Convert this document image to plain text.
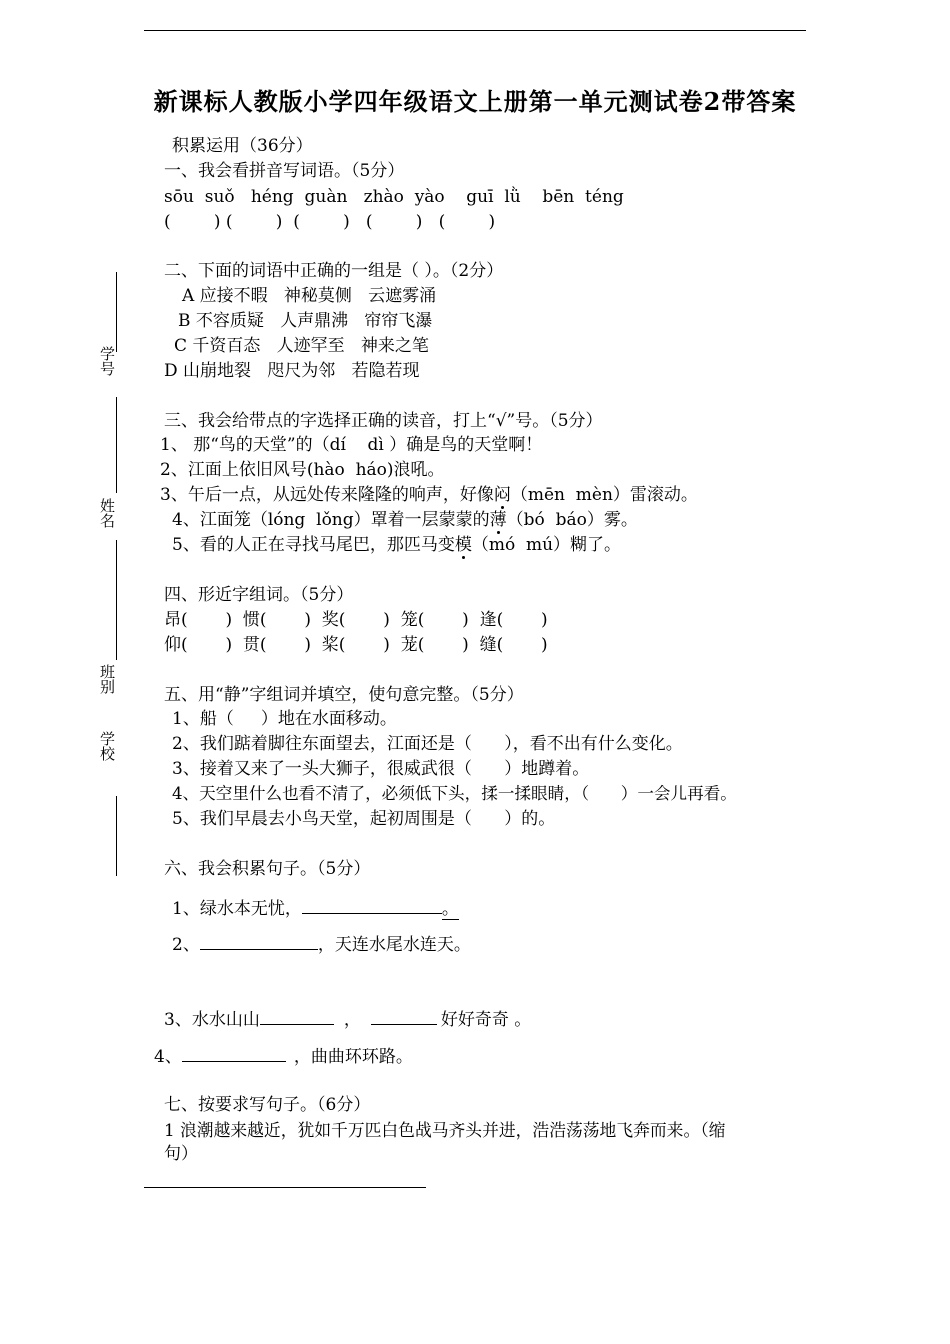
新课标人教版小学四年级语文上册第一单元测试卷2带答案
学号
姓名
班别
学校
积累运用（36分）
一、我会看拼音写词语。（5分）
sōu  suǒ   héng  guàn   zhào  yào    guī  lǜ    bēn  téng
(        ) (        )  (        )   (        )   (        )
二、下面的词语中正确的一组是（ ）。（2分）
A 应接不暇   神秘莫侧   云遮雾涌
B 不容质疑   人声鼎沸   帘帘飞瀑
C 千资百态   人迹罕至   神来之笔
D 山崩地裂   咫尺为邻   若隐若现
三、我会给带点的字选择正确的读音，打上“√”号。（5分）
1、 那“鸟的天堂”的（dí    dì ）确是鸟的天堂啊！
2、江面上依旧风号(hào  háo)浪吼。
3、午后一点，从远处传来隆隆的响声，好像闷（mēn  mèn）雷滚动。
4、江面笼（lóng  lǒng）罩着一层蒙蒙的薄（bó  báo）雾。
5、看的人正在寻找马尾巴，那匹马变模（mó  mú）糊了。
四、形近字组词。（5分）
昂(       )  惯(       )  奖(       )  笼(       )  逢(       )
仰(       )  贯(       )  桨(       )  茏(       )  缝(       )
五、用“静”字组词并填空，使句意完整。（5分）
1、船（     ）地在水面移动。
2、我们踮着脚往东面望去，江面还是（      ），看不出有什么变化。
3、接着又来了一头大狮子，很威武很（      ）地蹲着。
4、天空里什么也看不清了，必须低下头，揉一揉眼睛，（      ）一会儿再看。
5、我们早晨去小鸟天堂，起初周围是（      ）的。
六、我会积累句子。（5分）
1、绿水本无忧，	。
2、	，天连水尾水连天。
3、水水山山	，	好好奇奇 。
4、	，曲曲环环路。
七、按要求写句子。（6分）
1 浪潮越来越近，犹如千万匹白色战马齐头并进，浩浩荡荡地飞奔而来。（缩
句）
